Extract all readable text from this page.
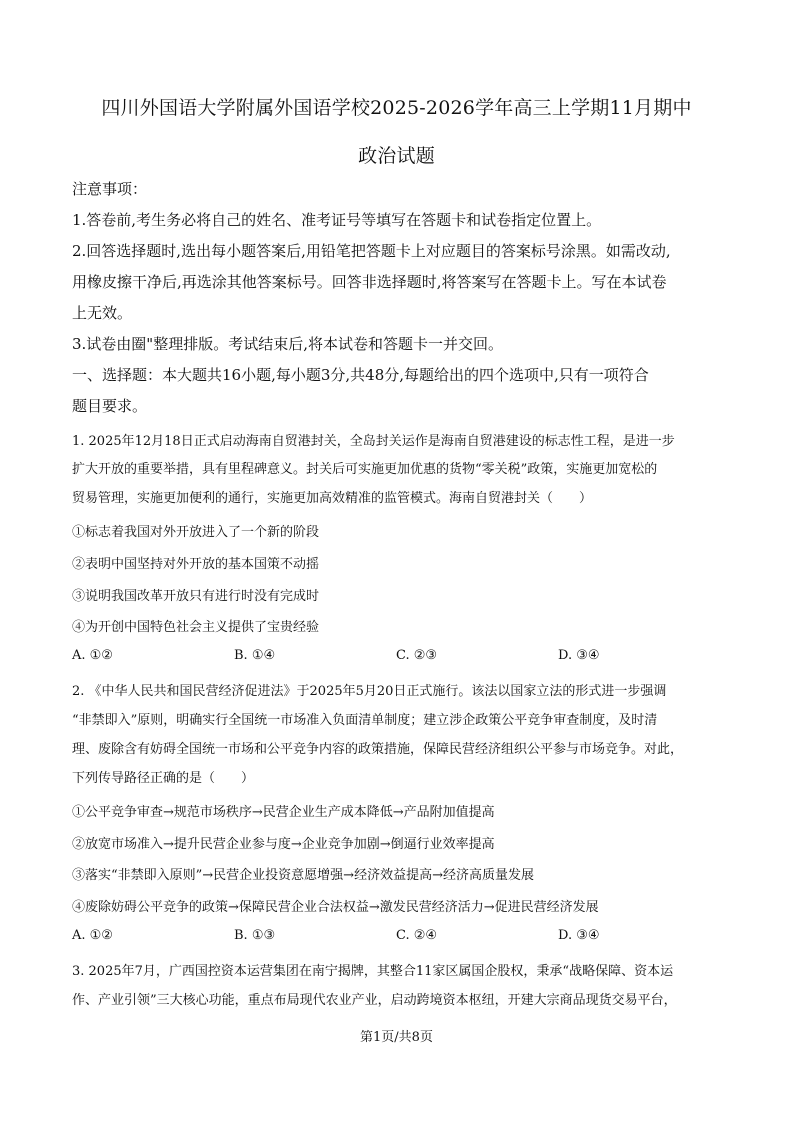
四川外国语大学附属外国语学校2025-2026学年高三上学期11月期中
政治试题
注意事项：
1.答卷前,考生务必将自己的姓名、准考证号等填写在答题卡和试卷指定位置上。
2.回答选择题时,选出每小题答案后,用铅笔把答题卡上对应题目的答案标号涂黑。如需改动,
用橡皮擦干净后,再选涂其他答案标号。回答非选择题时,将答案写在答题卡上。写在本试卷
上无效。
3.试卷由圈"整理排版。考试结束后,将本试卷和答题卡一并交回。
一、选择题：本大题共16小题,每小题3分,共48分,每题给出的四个选项中,只有一项符合
题目要求。
1. 2025年12月18日正式启动海南自贸港封关，全岛封关运作是海南自贸港建设的标志性工程，是进一步
扩大开放的重要举措，具有里程碑意义。封关后可实施更加优惠的货物“零关税”政策，实施更加宽松的
贸易管理，实施更加便利的通行，实施更加高效精准的监管模式。海南自贸港封关（　　）
①标志着我国对外开放进入了一个新的阶段
②表明中国坚持对外开放的基本国策不动摇
③说明我国改革开放只有进行时没有完成时
④为开创中国特色社会主义提供了宝贵经验
A. ①②	B. ①④	C. ②③	D. ③④
2. 《中华人民共和国民营经济促进法》于2025年5月20日正式施行。该法以国家立法的形式进一步强调
“非禁即入”原则，明确实行全国统一市场准入负面清单制度；建立涉企政策公平竞争审查制度，及时清
理、废除含有妨碍全国统一市场和公平竞争内容的政策措施，保障民营经济组织公平参与市场竞争。对此，
下列传导路径正确的是（　　）
①公平竞争审查→规范市场秩序→民营企业生产成本降低→产品附加值提高
②放宽市场准入→提升民营企业参与度→企业竞争加剧→倒逼行业效率提高
③落实“非禁即入原则”→民营企业投资意愿增强→经济效益提高→经济高质量发展
④废除妨碍公平竞争的政策→保障民营企业合法权益→激发民营经济活力→促进民营经济发展
A. ①②	B. ①③	C. ②④	D. ③④
3. 2025年7月，广西国控资本运营集团在南宁揭牌，其整合11家区属国企股权，秉承“战略保障、资本运
作、产业引领”三大核心功能，重点布局现代农业产业，启动跨境资本枢纽，开建大宗商品现货交易平台，
第1页/共8页
